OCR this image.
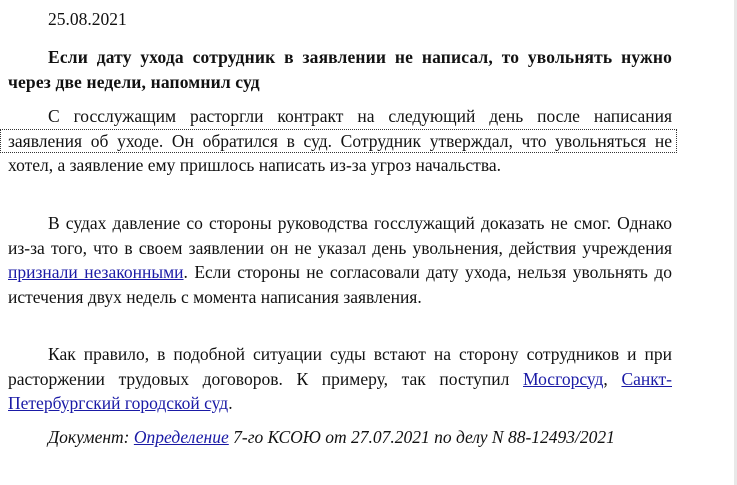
25.08.2021

Если дату ухода сотрудник в заявлении не написал, то увольнять нужно через две недели, напомнил суд

С госслужащим расторгли контракт на следующий день после написания заявления об уходе. Он обратился в суд. Сотрудник утверждал, что увольняться не хотел, а заявление ему пришлось написать из-за угроз начальства.

В судах давление со стороны руководства госслужащий доказать не смог. Однако из-за того, что в своем заявлении он не указал день увольнения, действия учреждения признали незаконными. Если стороны не согласовали дату ухода, нельзя увольнять до истечения двух недель с момента написания заявления.

Как правило, в подобной ситуации суды встают на сторону сотрудников и при расторжении трудовых договоров. К примеру, так поступил Мосгорсуд, Санкт-Петербургский городской суд.

Документ: Определение 7-го КСОЮ от 27.07.2021 по делу N 88-12493/2021
